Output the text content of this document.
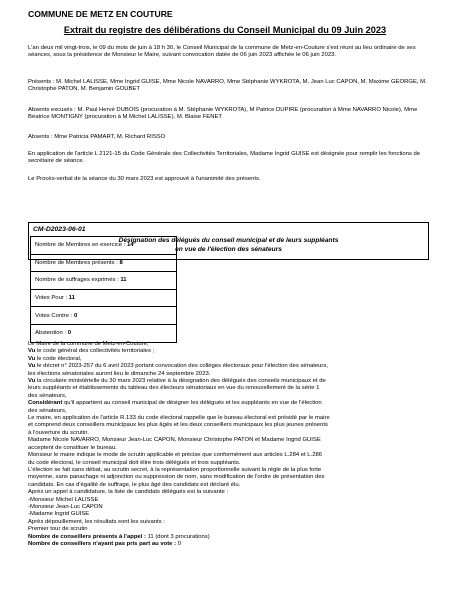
COMMUNE DE METZ EN COUTURE
Extrait du registre des délibérations du Conseil Municipal du 09 Juin 2023
L'an deux mil vingt-trois, le 09 du mois de juin à 18 h 30, le Conseil Municipal de la commune de Metz-en-Couture s'est réuni au lieu ordinaire de ses séances, sous la présidence de Monsieur le Maire, suivant convocation datée de 06 juin 2023 affichée le 06 juin 2023.
Présents : M. Michel LALISSE, Mme Ingrid GUISE, Mme Nicole NAVARRO, Mme Stéphanie WYKROTA, M. Jean Luc CAPON, M. Maxime GEORGE, M. Christophe PATON, M. Benjamin GOUBET
Absents excusés : M. Paul Hervé DUBOIS (procuration à M. Stéphanie WYKROTA), M Patrice DUPIRE (procuration à Mme NAVARRO Nicole), Mme Béatrice MONTIGNY (procuration à M Michel LALISSE), M. Blaise FENET
Absents : Mme Patricia PAMART, M. Richard RISSO
En application de l'article L 2121-15 du Code Générale des Collectivités Territoriales, Madame Ingrid GUISE est désignée pour remplir les fonctions de secrétaire de séance.
Le Procès-verbal de la séance du 30 mars 2023 est approuvé à l'unanimité des présents.
CM-D2023-06-01
Désignation des délégués du conseil municipal et de leurs suppléants
en vue de l'élection des sénateurs
Nombre de Membres en exercice : 14
Nombre de Membres présents : 8
Nombre de suffrages exprimés : 11
Votes Pour : 11
Votes Contre : 0
Abstention : 0
Le Maire de la commune de Metz-en-Couture,
Vu le code général des collectivités territoriales ;
Vu le code électoral,
Vu le décret n° 2023-257 du 6 avril 2023 portant convocation des collèges électoraux pour l'élection des sénateurs,
les élections sénatoriales auront lieu le dimanche 24 septembre 2023.
Vu la circulaire ministérielle du 30 mars 2023 relative à la désignation des délégués des conseils municipaux et de
leurs suppléants et établissements du tableau des électeurs sénatoriaux en vue du renouvellement de la série 1
des sénateurs,
Considérant qu'il appartient au conseil municipal de désigner les délégués et les suppléants en vue de l'élection
des sénateurs,
Le maire, en application de l'article R.133 du code électoral rappelle que le bureau électoral est présidé par le maire
et comprend deux conseillers municipaux les plus âgés et les deux conseillers municipaux les plus jeunes présents
à l'ouverture du scrutin.
Madame Nicole NAVARRO, Monsieur Jean-Luc CAPON, Monsieur Christophe PATON et Madame Ingrid GUISE
acceptent de constituer le bureau.
Monsieur le maire indique le mode de scrutin applicable et précise que conformément aux articles L.284 et L.286
du code électoral, le conseil municipal doit élire trois délégués et trois suppléants.
L'élection se fait sans débat, au scrutin secret, à la représentation proportionnelle suivant la règle de la plus forte
moyenne, sans panachage ni adjonction ou suppression de nom, sans modification de l'ordre de présentation des
candidats. En cas d'égalité de suffrage, le plus âgé des candidats est déclaré élu.
Après un appel à candidature, la liste de candidats délégués est la suivante :
-Monsieur Michel LALISSE
-Monsieur Jean-Luc CAPON
-Madame Ingrid GUISE
Après dépouillement, les résultats sont les suivants :
Premier tour de scrutin
Nombre de conseillers présents à l'appel : 11 (dont 3 procurations)
Nombre de conseillers n'ayant pas pris part au vote : 0
